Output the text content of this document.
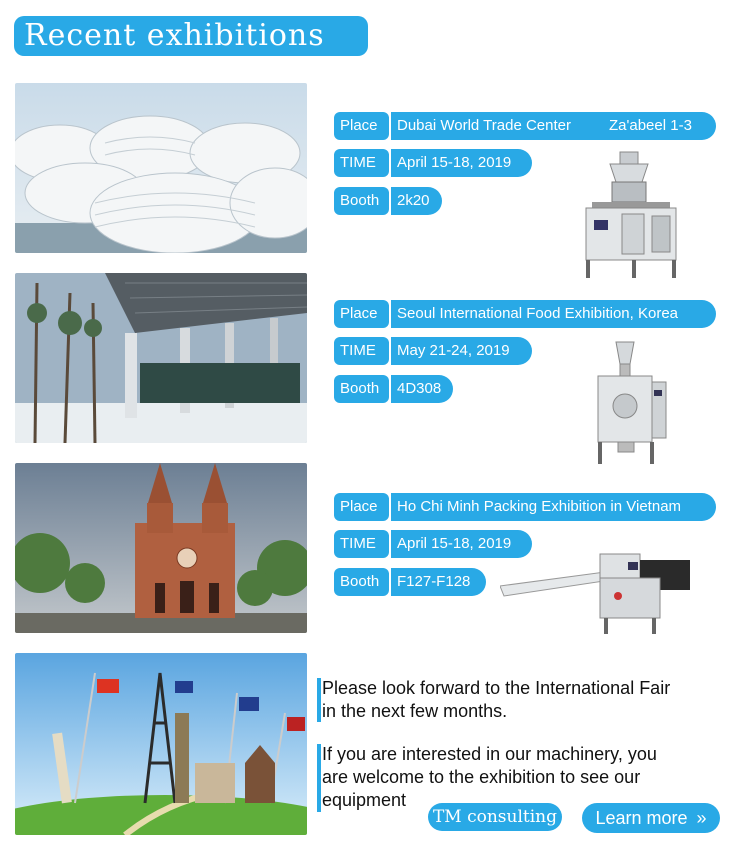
Recent exhibitions
Place	Dubai World Trade Center	Za'abeel 1-3
TIME	April 15-18, 2019
Booth	2k20
Place	Seoul International Food Exhibition, Korea
TIME	May 21-24, 2019
Booth	4D308
Place	Ho Chi Minh Packing Exhibition in Vietnam
TIME	April 15-18, 2019
Booth	F127-F128
Please look forward to the International Fair
in the next few months.
If you are interested in our machinery, you
are welcome to the exhibition to see our
equipment
TM consulting	Learn more »
